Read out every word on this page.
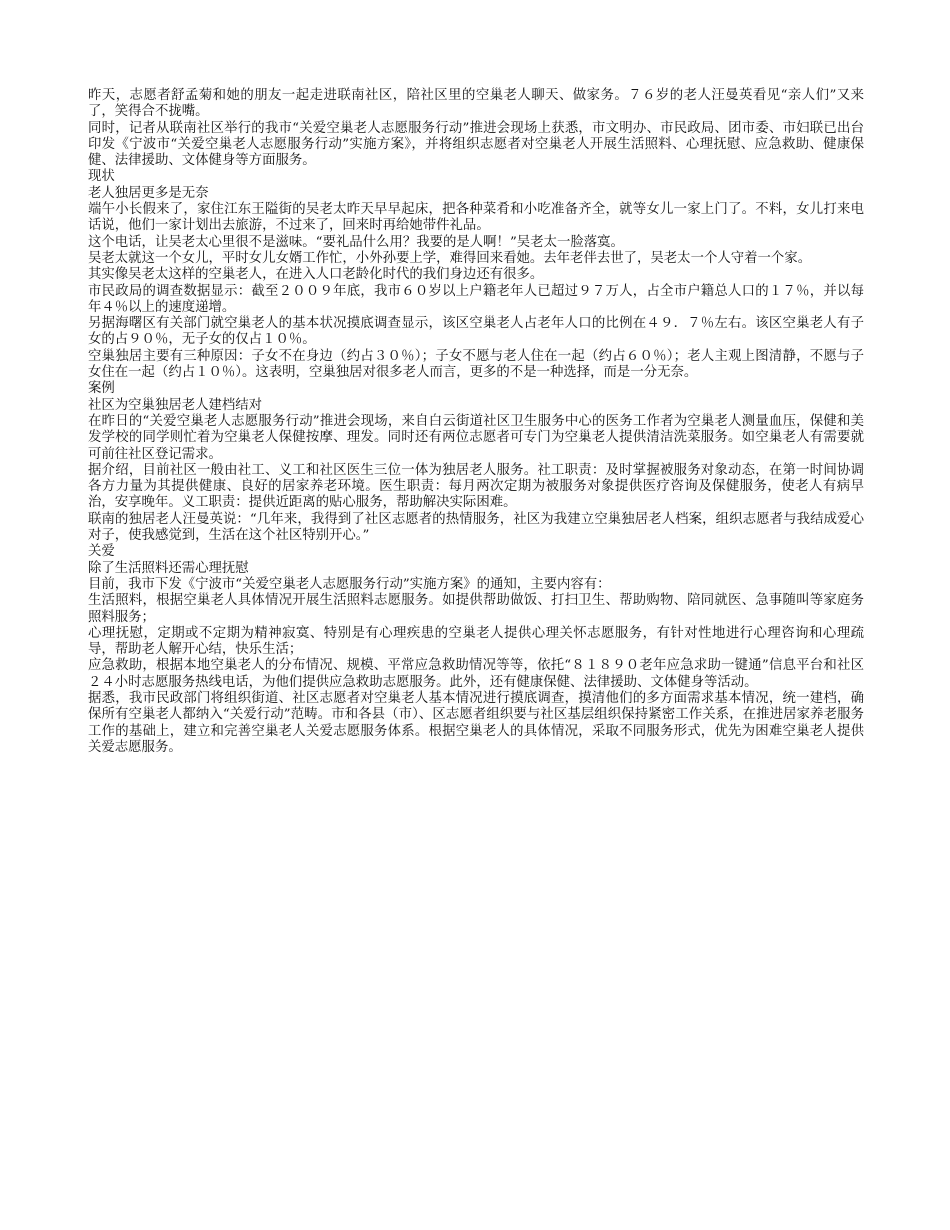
昨天，志愿者舒孟菊和她的朋友一起走进联南社区，陪社区里的空巢老人聊天、做家务。７６岁的老人汪曼英看见“亲人们”又来了，笑得合不拢嘴。

同时，记者从联南社区举行的我市“关爱空巢老人志愿服务行动”推进会现场上获悉，市文明办、市民政局、团市委、市妇联已出台印发《宁波市“关爱空巢老人志愿服务行动”实施方案》，并将组织志愿者对空巢老人开展生活照料、心理抚慰、应急救助、健康保健、法律援助、文体健身等方面服务。

现状

老人独居更多是无奈

端午小长假来了，家住江东王隘街的吴老太昨天早早起床，把各种菜肴和小吃准备齐全，就等女儿一家上门了。不料，女儿打来电话说，他们一家计划出去旅游，不过来了，回来时再给她带件礼品。

这个电话，让吴老太心里很不是滋味。“要礼品什么用？我要的是人啊！”吴老太一脸落寞。

吴老太就这一个女儿，平时女儿女婿工作忙，小外孙要上学，难得回来看她。去年老伴去世了，吴老太一个人守着一个家。

其实像吴老太这样的空巢老人，在进入人口老龄化时代的我们身边还有很多。

市民政局的调查数据显示：截至２００９年底，我市６０岁以上户籍老年人已超过９７万人，占全市户籍总人口的１７％，并以每年４％以上的速度递增。

另据海曙区有关部门就空巢老人的基本状况摸底调查显示，该区空巢老人占老年人口的比例在４９．７％左右。该区空巢老人有子女的占９０％，无子女的仅占１０％。

空巢独居主要有三种原因：子女不在身边（约占３０％）；子女不愿与老人住在一起（约占６０％）；老人主观上图清静，不愿与子女住在一起（约占１０％）。这表明，空巢独居对很多老人而言，更多的不是一种选择，而是一分无奈。

案例

社区为空巢独居老人建档结对

在昨日的“关爱空巢老人志愿服务行动”推进会现场，来自白云街道社区卫生服务中心的医务工作者为空巢老人测量血压，保健和美发学校的同学则忙着为空巢老人保健按摩、理发。同时还有两位志愿者可专门为空巢老人提供清洁洗菜服务。如空巢老人有需要就可前往社区登记需求。

据介绍，目前社区一般由社工、义工和社区医生三位一体为独居老人服务。社工职责：及时掌握被服务对象动态，在第一时间协调各方力量为其提供健康、良好的居家养老环境。医生职责：每月两次定期为被服务对象提供医疗咨询及保健服务，使老人有病早治，安享晚年。义工职责：提供近距离的贴心服务，帮助解决实际困难。

联南的独居老人汪曼英说：“几年来，我得到了社区志愿者的热情服务，社区为我建立空巢独居老人档案，组织志愿者与我结成爱心对子，使我感觉到，生活在这个社区特别开心。”

关爱

除了生活照料还需心理抚慰

目前，我市下发《宁波市“关爱空巢老人志愿服务行动”实施方案》的通知，主要内容有：

生活照料，根据空巢老人具体情况开展生活照料志愿服务。如提供帮助做饭、打扫卫生、帮助购物、陪同就医、急事随叫等家庭务照料服务；

心理抚慰，定期或不定期为精神寂寞、特别是有心理疾患的空巢老人提供心理关怀志愿服务，有针对性地进行心理咨询和心理疏导，帮助老人解开心结，快乐生活；

应急救助，根据本地空巢老人的分布情况、规模、平常应急救助情况等等，依托“８１８９０老年应急求助一键通”信息平台和社区２４小时志愿服务热线电话，为他们提供应急救助志愿服务。此外，还有健康保健、法律援助、文体健身等活动。

据悉，我市民政部门将组织街道、社区志愿者对空巢老人基本情况进行摸底调查，摸清他们的多方面需求基本情况，统一建档，确保所有空巢老人都纳入“关爱行动”范畴。市和各县（市）、区志愿者组织要与社区基层组织保持紧密工作关系，在推进居家养老服务工作的基础上，建立和完善空巢老人关爱志愿服务体系。根据空巢老人的具体情况，采取不同服务形式，优先为困难空巢老人提供关爱志愿服务。
